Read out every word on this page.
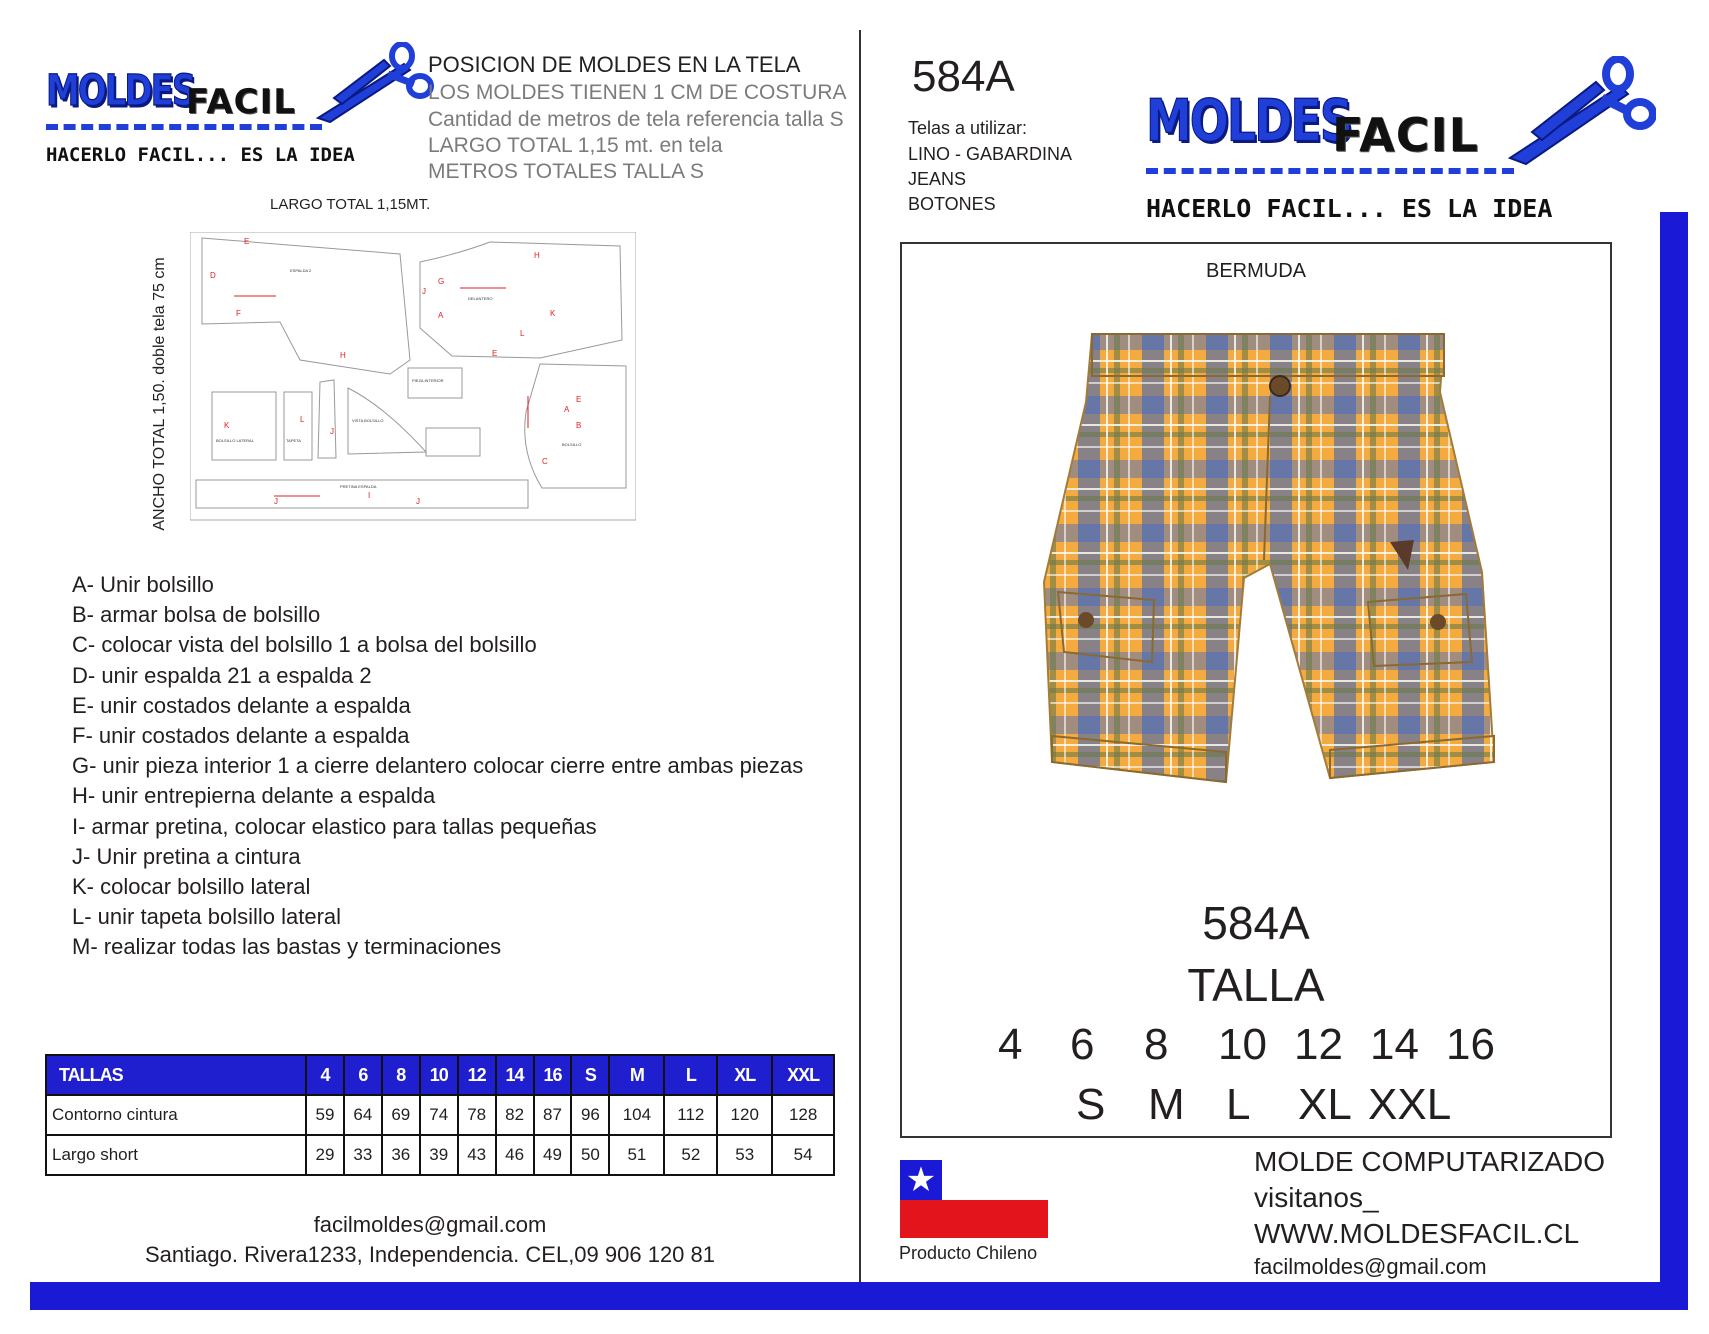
MOLDES
FACIL
HACERLO FACIL... ES LA IDEA
POSICION DE MOLDES EN LA TELA
LOS MOLDES TIENEN 1 CM DE COSTURA
Cantidad de metros de tela referencia talla S
LARGO TOTAL 1,15 mt. en tela
METROS TOTALES TALLA S
LARGO TOTAL 1,15MT.
ANCHO TOTAL 1,50. doble tela 75 cm	D
E
F
H
J
G
H
A	K
L
E
K
L
J
B
A
E
C
J
I
J
ESPALDA 2
DELANTERO
BOLSILLO LATERAL	TAPETA
VISTA BOLSILLO
PIEZA INTERIOR
BOLSILLO
PRETINA ESPALDA
A- Unir bolsillo
B- armar bolsa de bolsillo
C- colocar vista del bolsillo 1 a bolsa del bolsillo
D- unir espalda 21 a espalda 2
E- unir costados delante a espalda
F- unir costados delante a espalda
G- unir pieza interior 1 a cierre delantero colocar cierre entre ambas piezas
H- unir entrepierna delante a espalda
I- armar pretina, colocar elastico para tallas pequeñas
J- Unir pretina a cintura
K- colocar bolsillo lateral
L- unir tapeta bolsillo lateral
M- realizar todas las bastas y terminaciones
TALLAS	4	6	8	10	12	14	16	S	M	L	XL	XXL
Contorno cintura	59	64	69	74	78	82	87	96	104	112	120	128
Largo short	29	33	36	39	43	46	49	50	51	52	53	54
facilmoldes@gmail.com
Santiago. Rivera1233, Independencia. CEL,09 906 120 81
584A
Telas a utilizar:
LINO - GABARDINA
JEANS
BOTONES
MOLDES
FACIL
HACERLO FACIL... ES LA IDEA
BERMUDA
584A
TALLA
4 6 8 10 12 14 16
S M L XL XXL
★
Producto Chileno
MOLDE COMPUTARIZADO
visitanos_
WWW.MOLDESFACIL.CL
facilmoldes@gmail.com
